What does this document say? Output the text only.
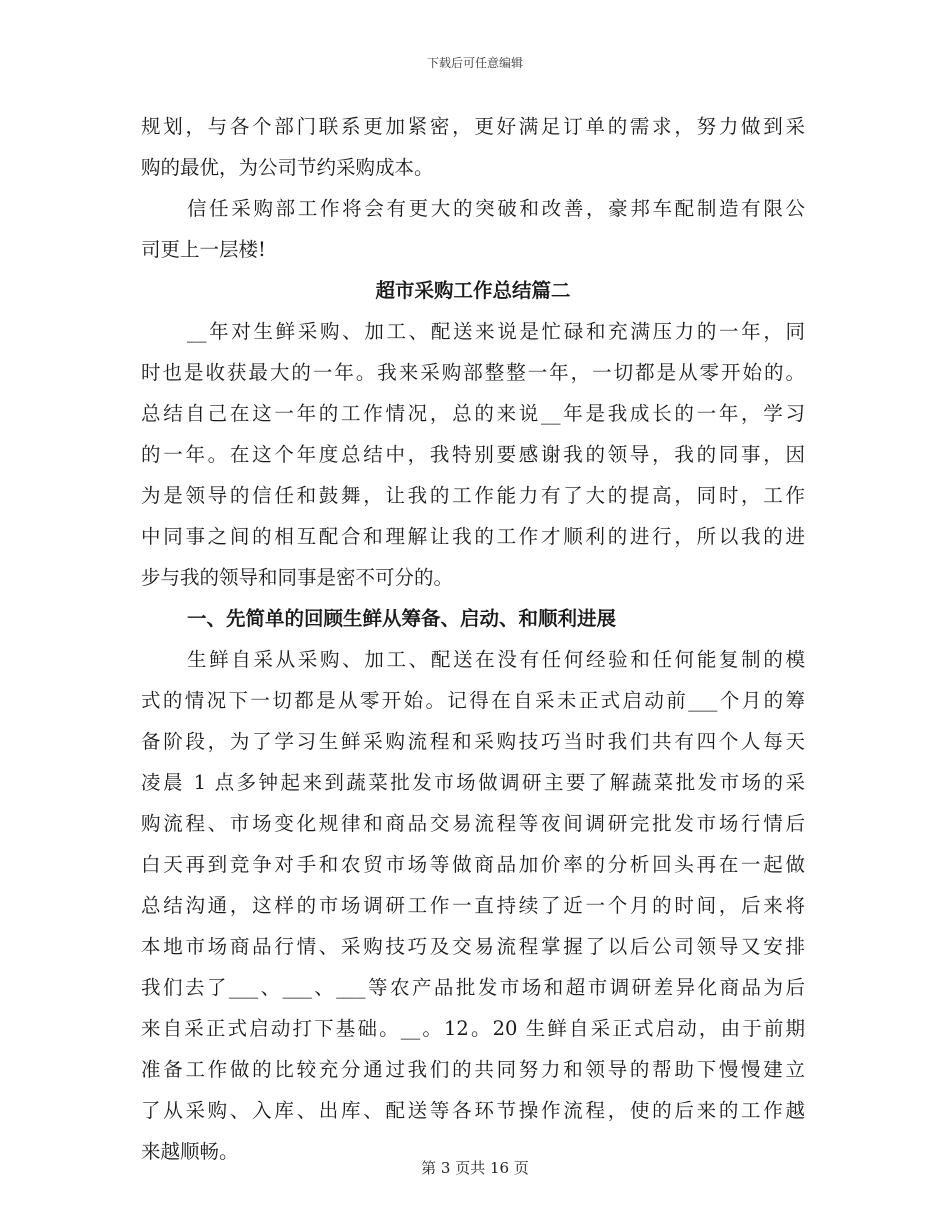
下载后可任意编辑
规划，与各个部门联系更加紧密，更好满足订单的需求，努力做到采
购的最优，为公司节约采购成本。
信任采购部工作将会有更大的突破和改善，豪邦车配制造有限公
司更上一层楼!
超市采购工作总结篇二
__年对生鲜采购、加工、配送来说是忙碌和充满压力的一年，同
时也是收获最大的一年。我来采购部整整一年，一切都是从零开始的。
总结自己在这一年的工作情况，总的来说__年是我成长的一年，学习
的一年。在这个年度总结中，我特别要感谢我的领导，我的同事，因
为是领导的信任和鼓舞，让我的工作能力有了大的提高，同时，工作
中同事之间的相互配合和理解让我的工作才顺利的进行，所以我的进
步与我的领导和同事是密不可分的。
一、先简单的回顾生鲜从筹备、启动、和顺利进展
生鲜自采从采购、加工、配送在没有任何经验和任何能复制的模
式的情况下一切都是从零开始。记得在自采未正式启动前___个月的筹
备阶段，为了学习生鲜采购流程和采购技巧当时我们共有四个人每天
凌晨 1 点多钟起来到蔬菜批发市场做调研主要了解蔬菜批发市场的采
购流程、市场变化规律和商品交易流程等夜间调研完批发市场行情后
白天再到竞争对手和农贸市场等做商品加价率的分析回头再在一起做
总结沟通，这样的市场调研工作一直持续了近一个月的时间，后来将
本地市场商品行情、采购技巧及交易流程掌握了以后公司领导又安排
我们去了___、___、___等农产品批发市场和超市调研差异化商品为后
来自采正式启动打下基础。__。12。20 生鲜自采正式启动，由于前期
准备工作做的比较充分通过我们的共同努力和领导的帮助下慢慢建立
了从采购、入库、出库、配送等各环节操作流程，使的后来的工作越
来越顺畅。
第 3 页共 16 页
